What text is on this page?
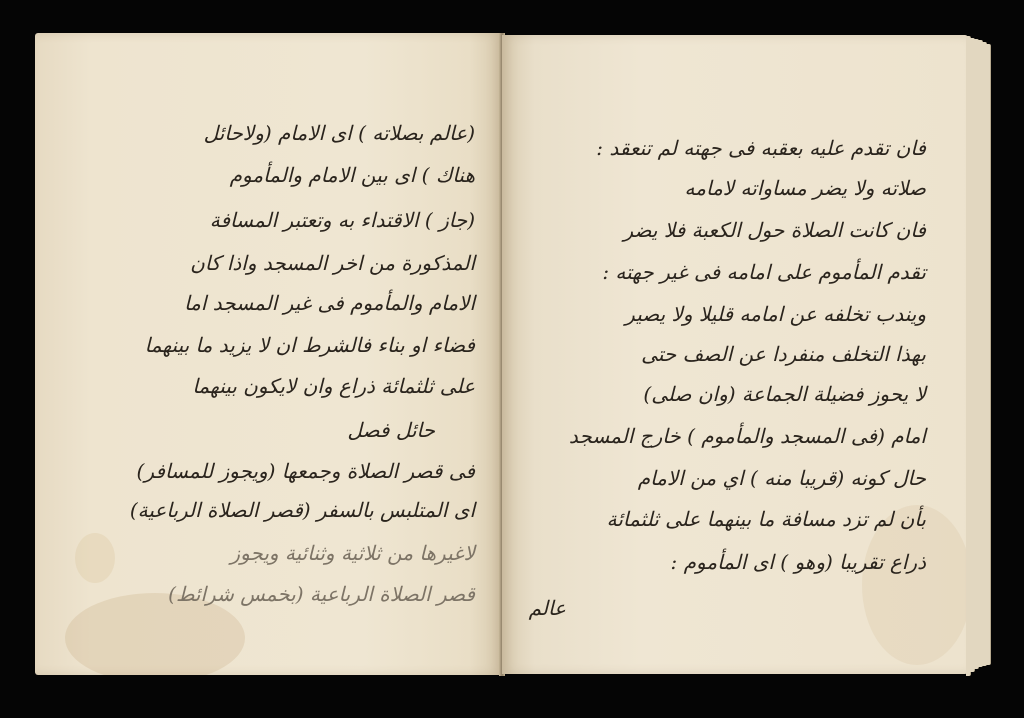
(عالم بصلاته ) اى الامام (ولاحائل
هناك ) اى بين الامام والمأموم
(جاز ) الاقتداء به وتعتبر المسافة
المذكورة من اخر المسجد واذا كان
الامام والمأموم فى غير المسجد اما
فضاء او بناء فالشرط ان لا يزيد ما بينهما
على ثلثمائة ذراع وان لايكون بينهما
حائل فصل
فى قصر الصلاة وجمعها (ويجوز للمسافر)
اى المتلبس بالسفر (قصر الصلاة الرباعية)
لاغيرها من ثلاثية وثنائية ويجوز
قصر الصلاة الرباعية (بخمس شرائط)
فان تقدم عليه بعقبه فى جهته لم تنعقد :
صلاته ولا يضر مساواته لامامه
فان كانت الصلاة حول الكعبة فلا يضر
تقدم المأموم على امامه فى غير جهته :
ويندب تخلفه عن امامه قليلا ولا يصير
بهذا التخلف منفردا عن الصف حتى
لا يحوز فضيلة الجماعة (وان صلى)
امام (فى المسجد والمأموم ) خارج المسجد
حال كونه (قريبا منه ) اي من الامام
بأن لم تزد مسافة ما بينهما على ثلثمائة
ذراع تقريبا (وهو ) اى المأموم :
عالم
